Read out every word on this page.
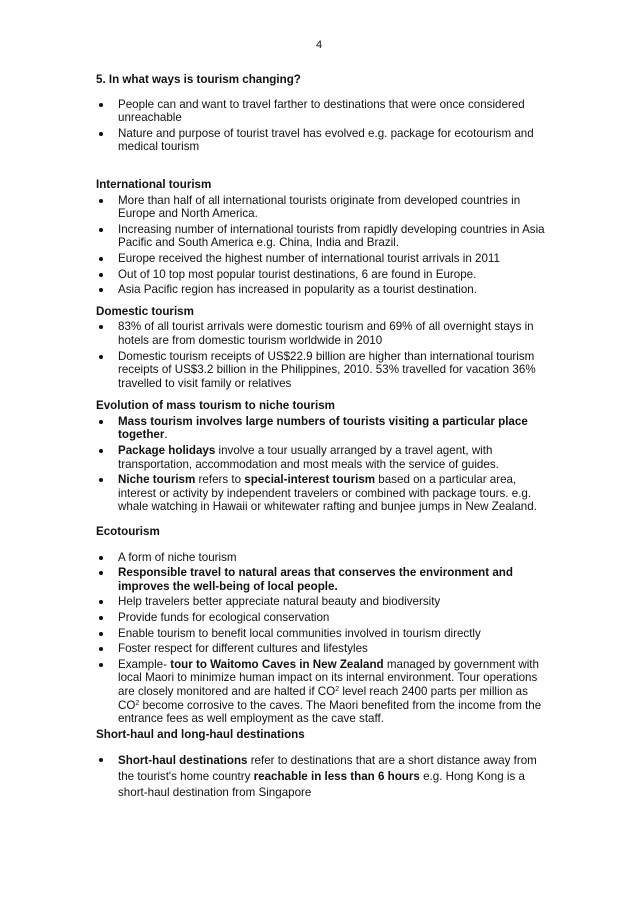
4

5. In what ways is tourism changing?

People can and want to travel farther to destinations that were once considered unreachable
Nature and purpose of tourist travel has evolved e.g. package for ecotourism and medical tourism

International tourism

More than half of all international tourists originate from developed countries in Europe and North America.
Increasing number of international tourists from rapidly developing countries in Asia Pacific and South America e.g. China, India and Brazil.
Europe received the highest number of international tourist arrivals in 2011
Out of 10 top most popular tourist destinations, 6 are found in Europe.
Asia Pacific region has increased in popularity as a tourist destination.

Domestic tourism

83% of all tourist arrivals were domestic tourism and 69% of all overnight stays in hotels are from domestic tourism worldwide in 2010
Domestic tourism receipts of US$22.9 billion are higher than international tourism receipts of US$3.2 billion in the Philippines, 2010. 53% travelled for vacation 36% travelled to visit family or relatives

Evolution of mass tourism to niche tourism

Mass tourism involves large numbers of tourists visiting a particular place together.
Package holidays involve a tour usually arranged by a travel agent, with transportation, accommodation and most meals with the service of guides.
Niche tourism refers to special-interest tourism based on a particular area, interest or activity by independent travelers or combined with package tours. e.g. whale watching in Hawaii or whitewater rafting and bunjee jumps in New Zealand.

Ecotourism

A form of niche tourism
Responsible travel to natural areas that conserves the environment and improves the well-being of local people.
Help travelers better appreciate natural beauty and biodiversity
Provide funds for ecological conservation
Enable tourism to benefit local communities involved in tourism directly
Foster respect for different cultures and lifestyles
Example- tour to Waitomo Caves in New Zealand managed by government with local Maori to minimize human impact on its internal environment. Tour operations are closely monitored and are halted if $CO^2$ level reach 2400 parts per million as $CO^2$ become corrosive to the caves. The Maori benefited from the income from the entrance fees as well employment as the cave staff.

Short-haul and long-haul destinations

Short-haul destinations refer to destinations that are a short distance away from the tourist's home country reachable in less than 6 hours e.g. Hong Kong is a short-haul destination from Singapore
